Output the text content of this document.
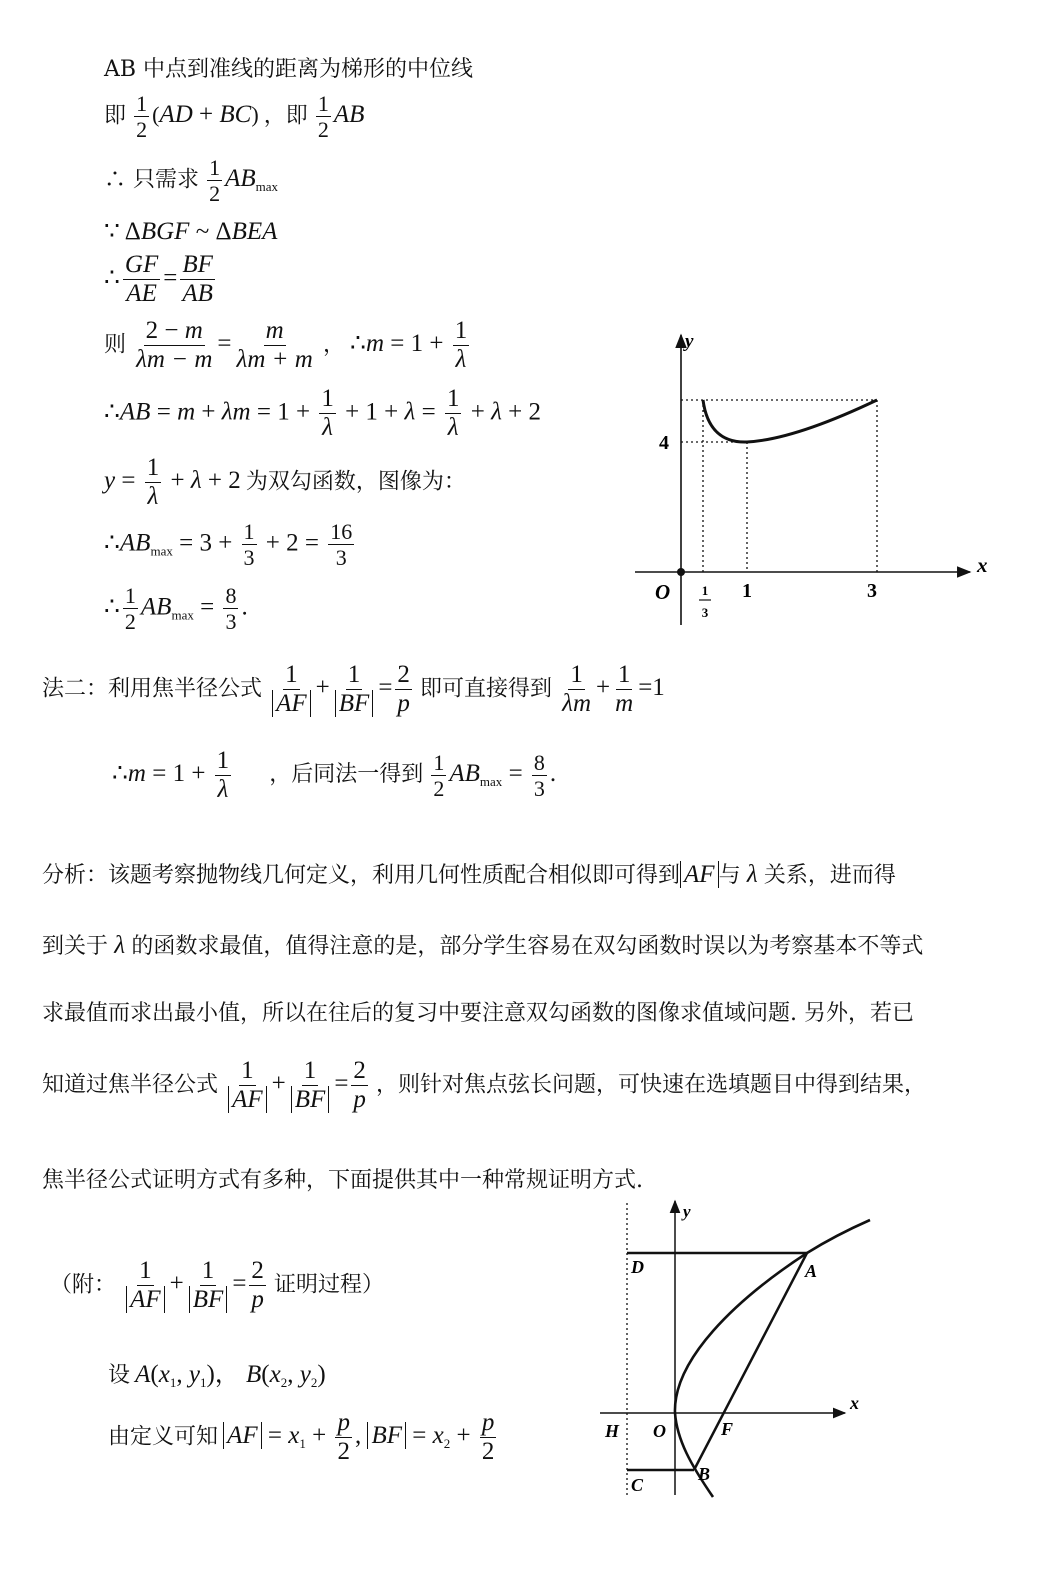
AB 中点到准线的距离为梯形的中位线
即 $\frac{1}{2} (AD + BC)$ ，即 $\frac{1}{2}$ AB
∴ 只需求 $\frac{1}{2} AB_{max}$
∵ ΔBGF ~ ΔBEA
∴ $\frac{GF}{AE} = \frac{BF}{AB}$
则 $\frac{2 - m}{\lambda m - m} = \frac{m}{\lambda m + m}$ ， ∴m = $1 + \frac{1}{\lambda}$
∴AB = $m + \lambda m = 1 + \frac{1}{\lambda} + 1 + \lambda = \frac{1}{\lambda} + \lambda + 2$
$y = \frac{1}{\lambda} + \lambda + 2$ 为双勾函数，图像为：
$\therefore AB_{max} = 3 + \frac{1}{3} + 2 = \frac{16}{3}$
∴ $\frac{1}{2} AB_{max} = \frac{8}{3}$ .
y
x
O
4
1
3
1	3
法二：利用焦半径公式 $\frac{1}{AF} + \frac{1}{BF} = \frac{2}{p}$ 即可直接得到 $\frac{1}{\lambda m} + \frac{1}{m} =1$
∴m = $1 + \frac{1}{\lambda}$ ，后同法一得到 $\frac{1}{2} AB_{max} = \frac{8}{3}$ .
分析：该题考察抛物线几何定义，利用几何性质配合相似即可得到 AF 与 λ 关系，进而得
到关于 λ 的函数求最值，值得注意的是，部分学生容易在双勾函数时误以为考察基本不等式
求最值而求出最小值，所以在往后的复习中要注意双勾函数的图像求值域问题. 另外，若已
知道过焦半径公式 $\frac{1}{AF} + \frac{1}{BF} = \frac{2}{p}$ ，则针对焦点弦长问题，可快速在选填题目中得到结果，
焦半径公式证明方式有多种，下面提供其中一种常规证明方式.
（附： $\frac{1}{AF} + \frac{1}{BF} = \frac{2}{p}$ 证明过程）
设 $A(x_1$, $y_1$)， $B(x_2$, $y_2$)
由定义可知 AF = $x_1 + \frac{p}{2}$ , BF = $x_2 + \frac{p}{2}$
y
x
D	A
H O	F
C
B
